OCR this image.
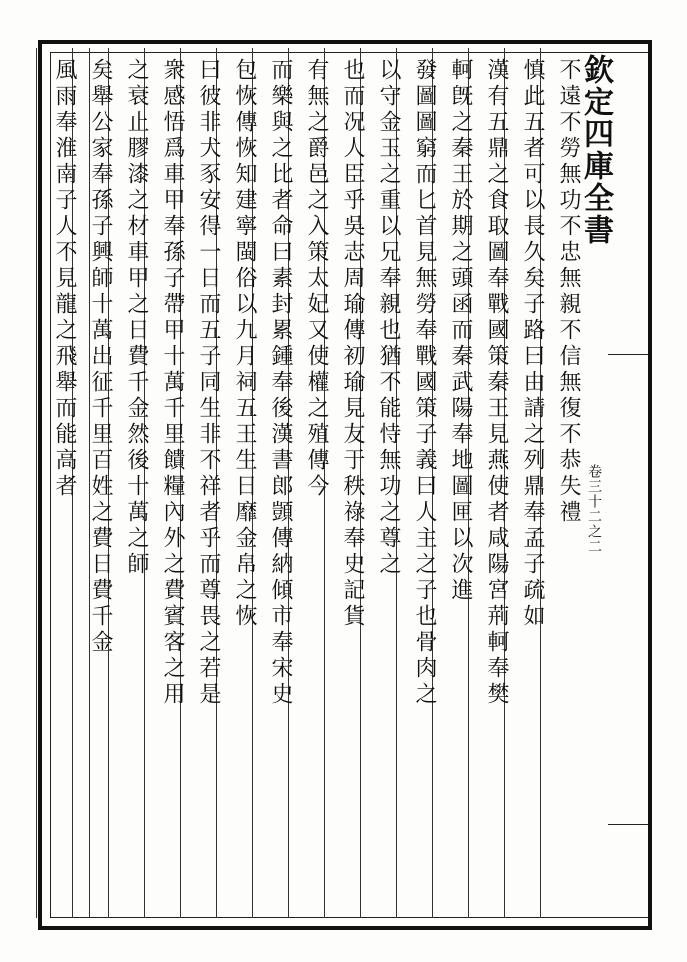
欽定四庫全書
卷三十二之二
不遠不勞無功不忠無親不信無復不恭失禮
慎此五者可以長久矣子路曰由請之列鼎奉孟子疏如
漢有五鼎之食取圖奉戰國策秦王見燕使者咸陽宮荊軻奉樊
軻旣之秦王於期之頭函而秦武陽奉地圖匣以次進
發圖圖窮而匕首見無勞奉戰國策子義曰人主之子也骨肉之
以守金玉之重以兄奉親也猶不能恃無功之尊之
也而况人臣乎吳志周瑜傳初瑜見友于秩祿奉史記貨
有無之爵邑之入策太妃又使權之殖傳今
而樂與之比者命曰素封累鍾奉後漢書郎顗傳納傾市奉宋史
包恢傳恢知建寧閩俗以九月祠五王生日靡金帛之恢
曰彼非犬豕安得一日而五子同生非不祥者乎而尊畏之若是
衆感悟爲車甲奉孫子帶甲十萬千里饋糧內外之費賓客之用
之衰止膠漆之材車甲之日費千金然後十萬之師
矣舉公家奉孫子興師十萬出征千里百姓之費日費千金
風雨奉淮南子人不見龍之飛舉而能高者
